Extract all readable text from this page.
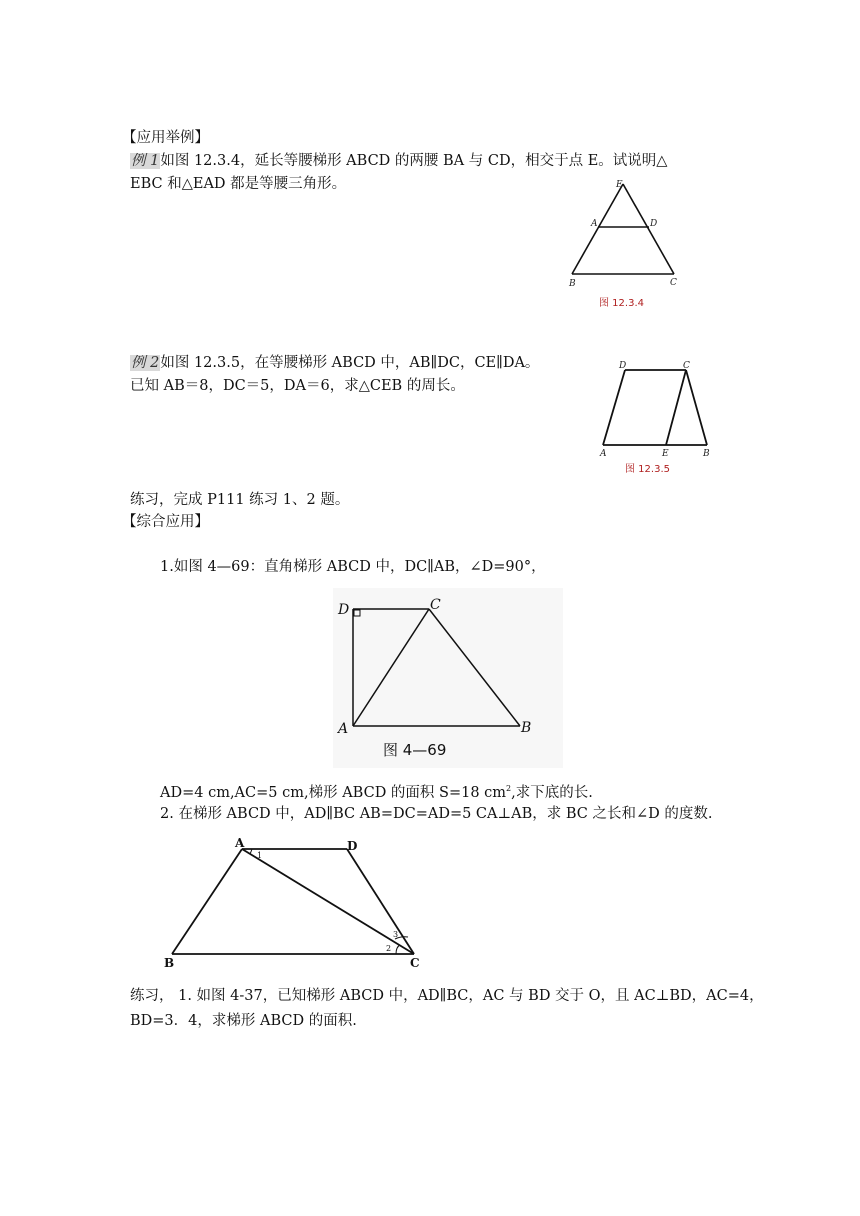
【应用举例】
例 1如图 12.3.4，延长等腰梯形 ABCD 的两腰 BA 与 CD，相交于点 E。试说明△
EBC 和△EAD 都是等腰三角形。	E
A	D
B	C
图 12.3.4
例 2如图 12.3.5，在等腰梯形 ABCD 中，AB∥DC，CE∥DA。
已知 AB＝8，DC＝5，DA＝6，求△CEB 的周长。
D	C
A	E	B
图 12.3.5
练习，完成 P111 练习 1、2 题。
【综合应用】
1.如图 4—69：直角梯形 ABCD 中，DC∥AB，∠D=90°，
D	C
A	B
图 4—69
AD=4 cm,AC=5 cm,梯形 ABCD 的面积 S=18 $cm^2$,求下底的长.
2. 在梯形 ABCD 中，AD∥BC AB=DC=AD=5 CA⊥AB，求 BC 之长和∠D 的度数.
A	D
B	C
1
2
3
练习， 1. 如图 4-37，已知梯形 ABCD 中，AD∥BC，AC 与 BD 交于 O，且 AC⊥BD，AC=4，
BD=3．4，求梯形 ABCD 的面积.
